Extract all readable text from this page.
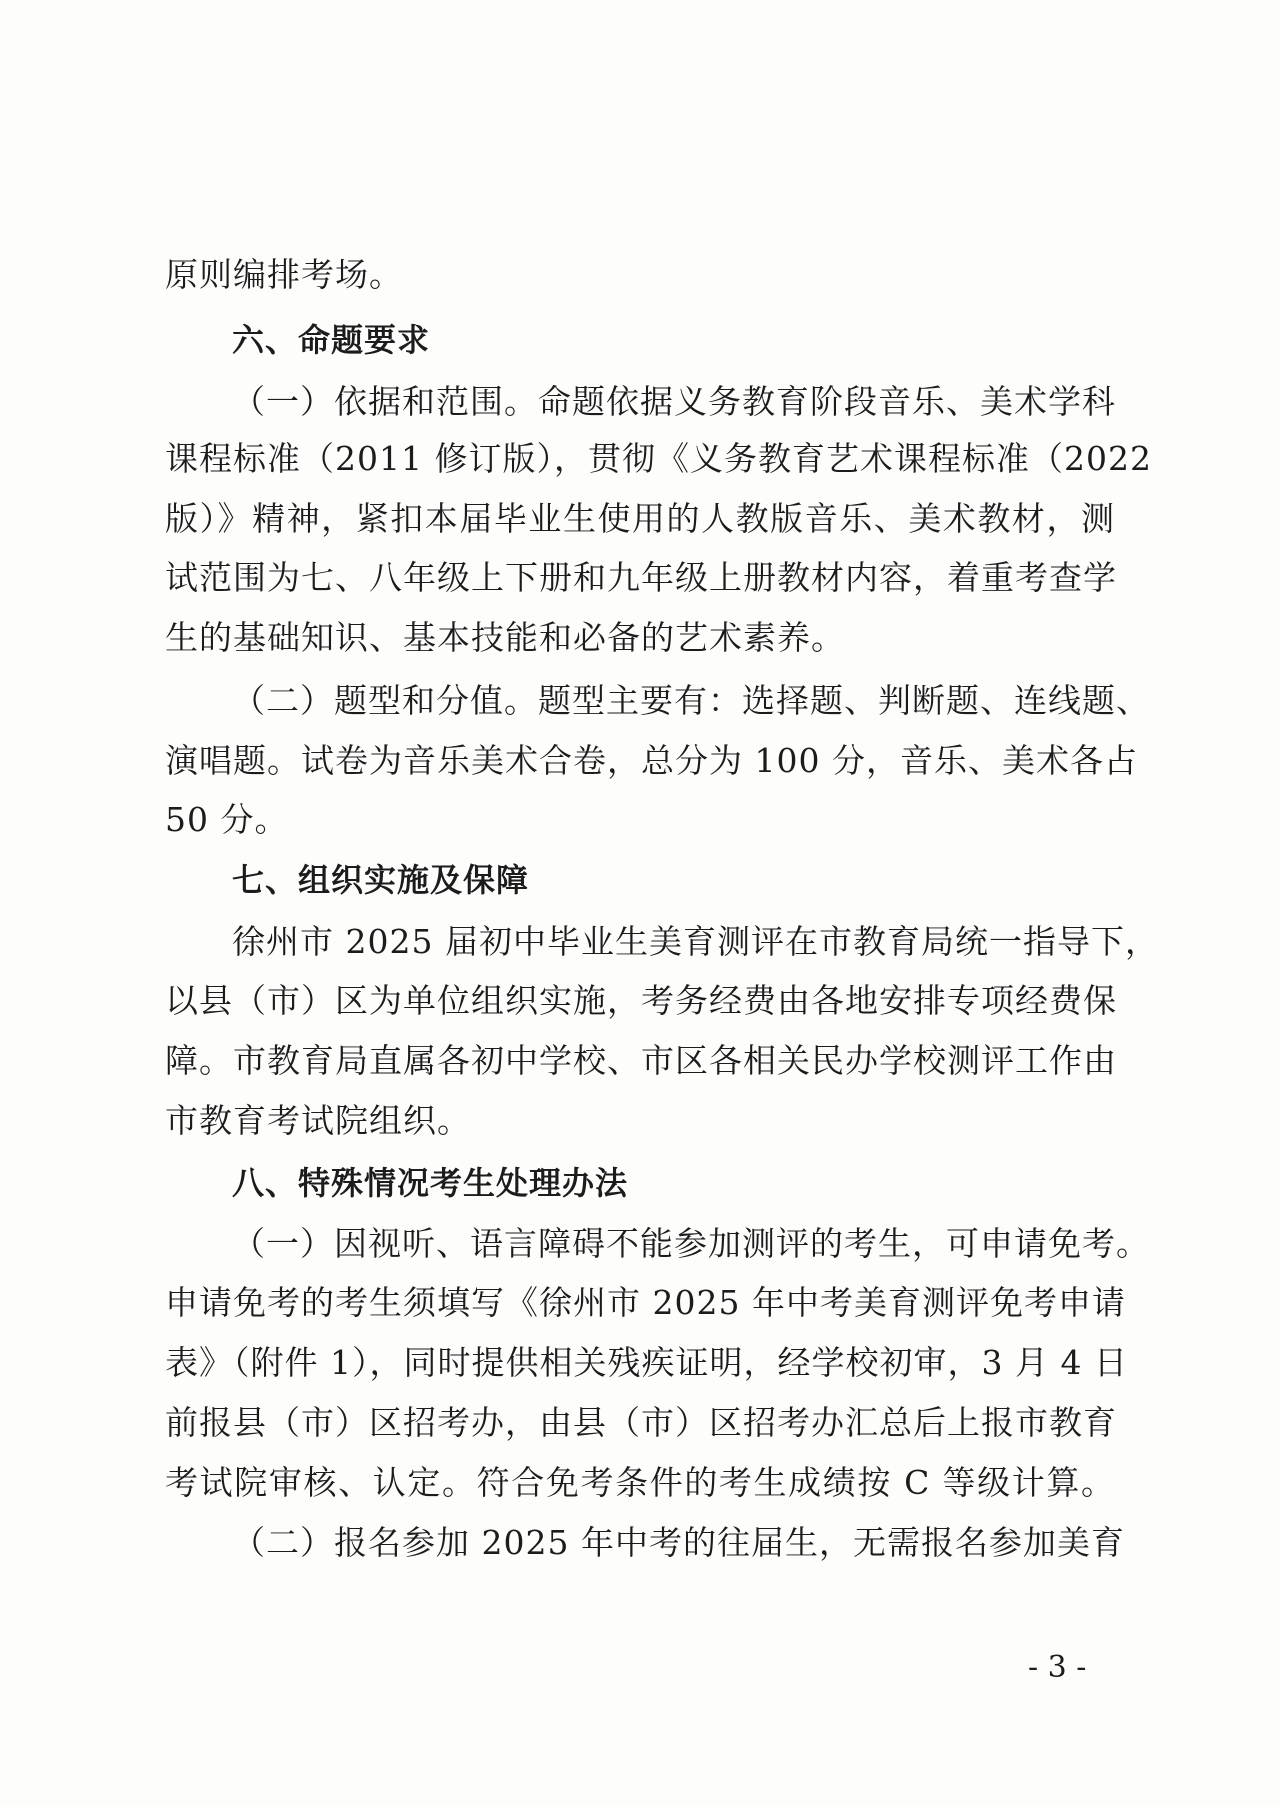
原则编排考场。
六、命题要求
（一）依据和范围。命题依据义务教育阶段音乐、美术学科
课程标准（2011 修订版），贯彻《义务教育艺术课程标准（2022
版）》精神，紧扣本届毕业生使用的人教版音乐、美术教材，测
试范围为七、八年级上下册和九年级上册教材内容，着重考查学
生的基础知识、基本技能和必备的艺术素养。
（二）题型和分值。题型主要有：选择题、判断题、连线题、
演唱题。试卷为音乐美术合卷，总分为 100 分，音乐、美术各占
50 分。
七、组织实施及保障
徐州市 2025 届初中毕业生美育测评在市教育局统一指导下，
以县（市）区为单位组织实施，考务经费由各地安排专项经费保
障。市教育局直属各初中学校、市区各相关民办学校测评工作由
市教育考试院组织。
八、特殊情况考生处理办法
（一）因视听、语言障碍不能参加测评的考生，可申请免考。
申请免考的考生须填写《徐州市 2025 年中考美育测评免考申请
表》（附件 1），同时提供相关残疾证明，经学校初审，3 月 4 日
前报县（市）区招考办，由县（市）区招考办汇总后上报市教育
考试院审核、认定。符合免考条件的考生成绩按 C 等级计算。
（二）报名参加 2025 年中考的往届生，无需报名参加美育
- 3 -
